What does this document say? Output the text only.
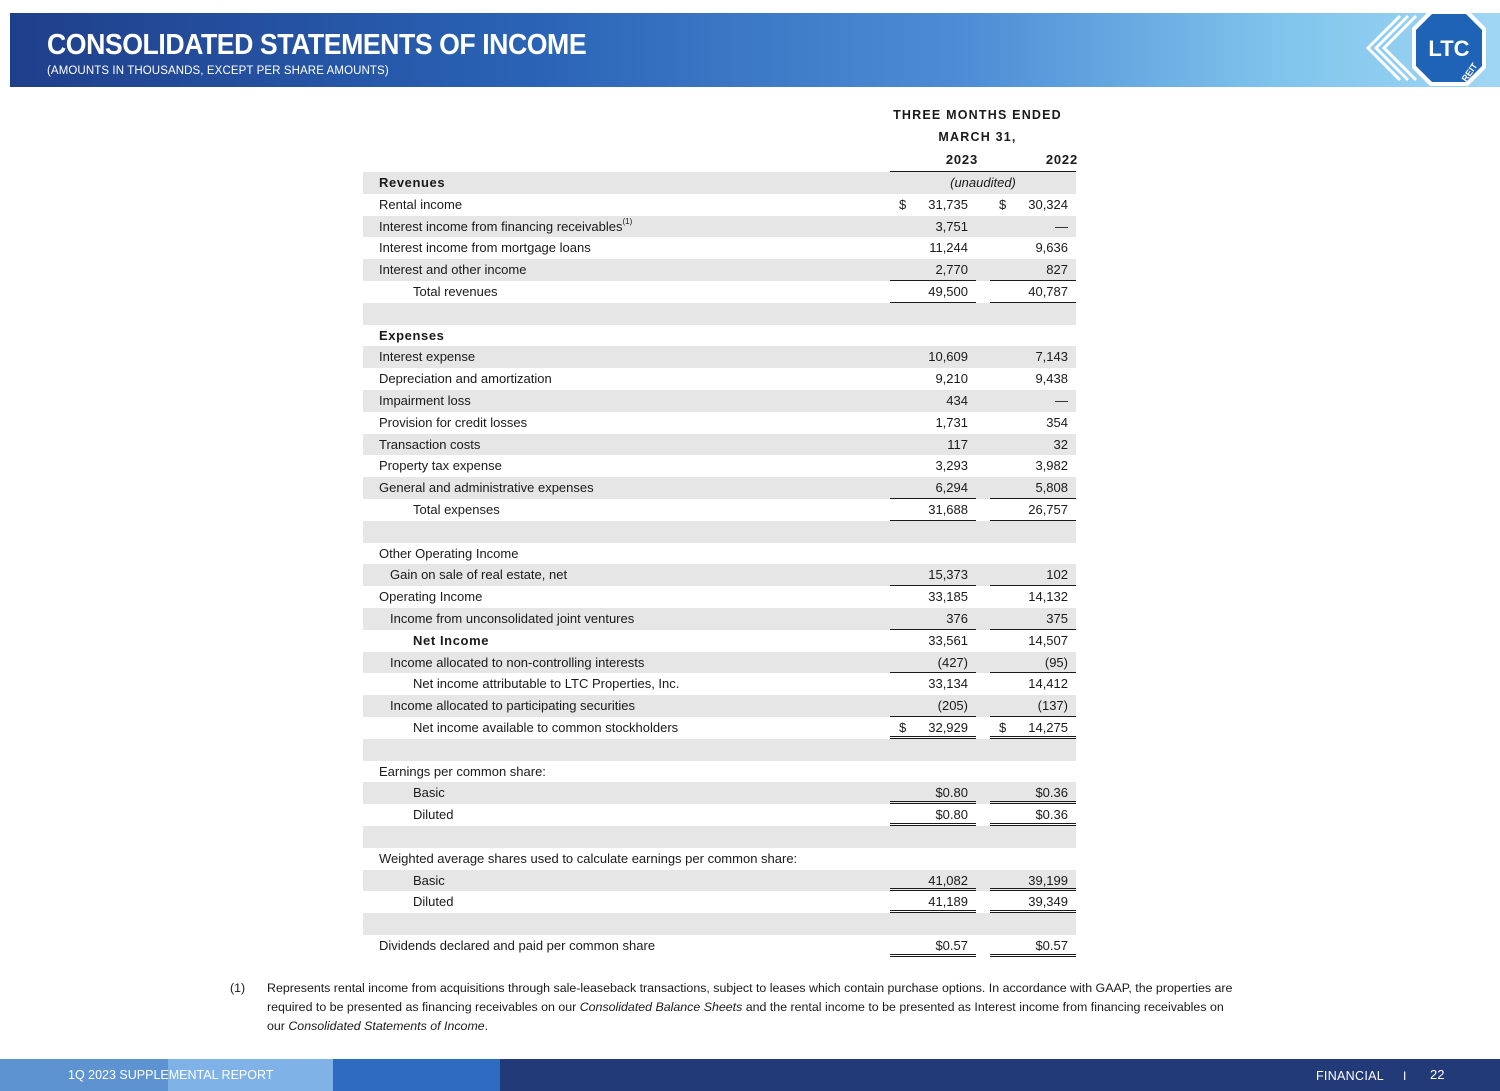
CONSOLIDATED STATEMENTS OF INCOME
(AMOUNTS IN THOUSANDS, EXCEPT PER SHARE AMOUNTS)
LTC
REIT
THREE MONTHS ENDED
MARCH 31,
2023	2022
Revenues	(unaudited)
Rental income	$ 31,735	$ 30,324
Interest income from financing receivables$^{(1)}$	3,751	—
Interest income from mortgage loans	11,244	9,636
Interest and other income	2,770	827
Total revenues	49,500	40,787
Expenses
Interest expense	10,609	7,143
Depreciation and amortization	9,210	9,438
Impairment loss	434	—
Provision for credit losses	1,731	354
Transaction costs	117	32
Property tax expense	3,293	3,982
General and administrative expenses	6,294	5,808
Total expenses	31,688	26,757
Other Operating Income
Gain on sale of real estate, net	15,373	102
Operating Income	33,185	14,132
Income from unconsolidated joint ventures	376	375
Net Income	33,561	14,507
Income allocated to non-controlling interests	(427)	(95)
Net income attributable to LTC Properties, Inc.	33,134	14,412
Income allocated to participating securities	(205)	(137)
Net income available to common stockholders	$ 32,929	$ 14,275
Earnings per common share:
Basic	$0.80	$0.36
Diluted	$0.80	$0.36
Weighted average shares used to calculate earnings per common share:
Basic	41,082	39,199
Diluted	41,189	39,349
Dividends declared and paid per common share	$0.57	$0.57
(1) Represents rental income from acquisitions through sale-leaseback transactions, subject to leases which contain purchase options. In accordance with GAAP, the properties are required to be presented as financing receivables on our Consolidated Balance Sheets and the rental income to be presented as Interest income from financing receivables on our Consolidated Statements of Income.
1Q 2023 SUPPLEMENTAL REPORT	FINANCIAL I 22
